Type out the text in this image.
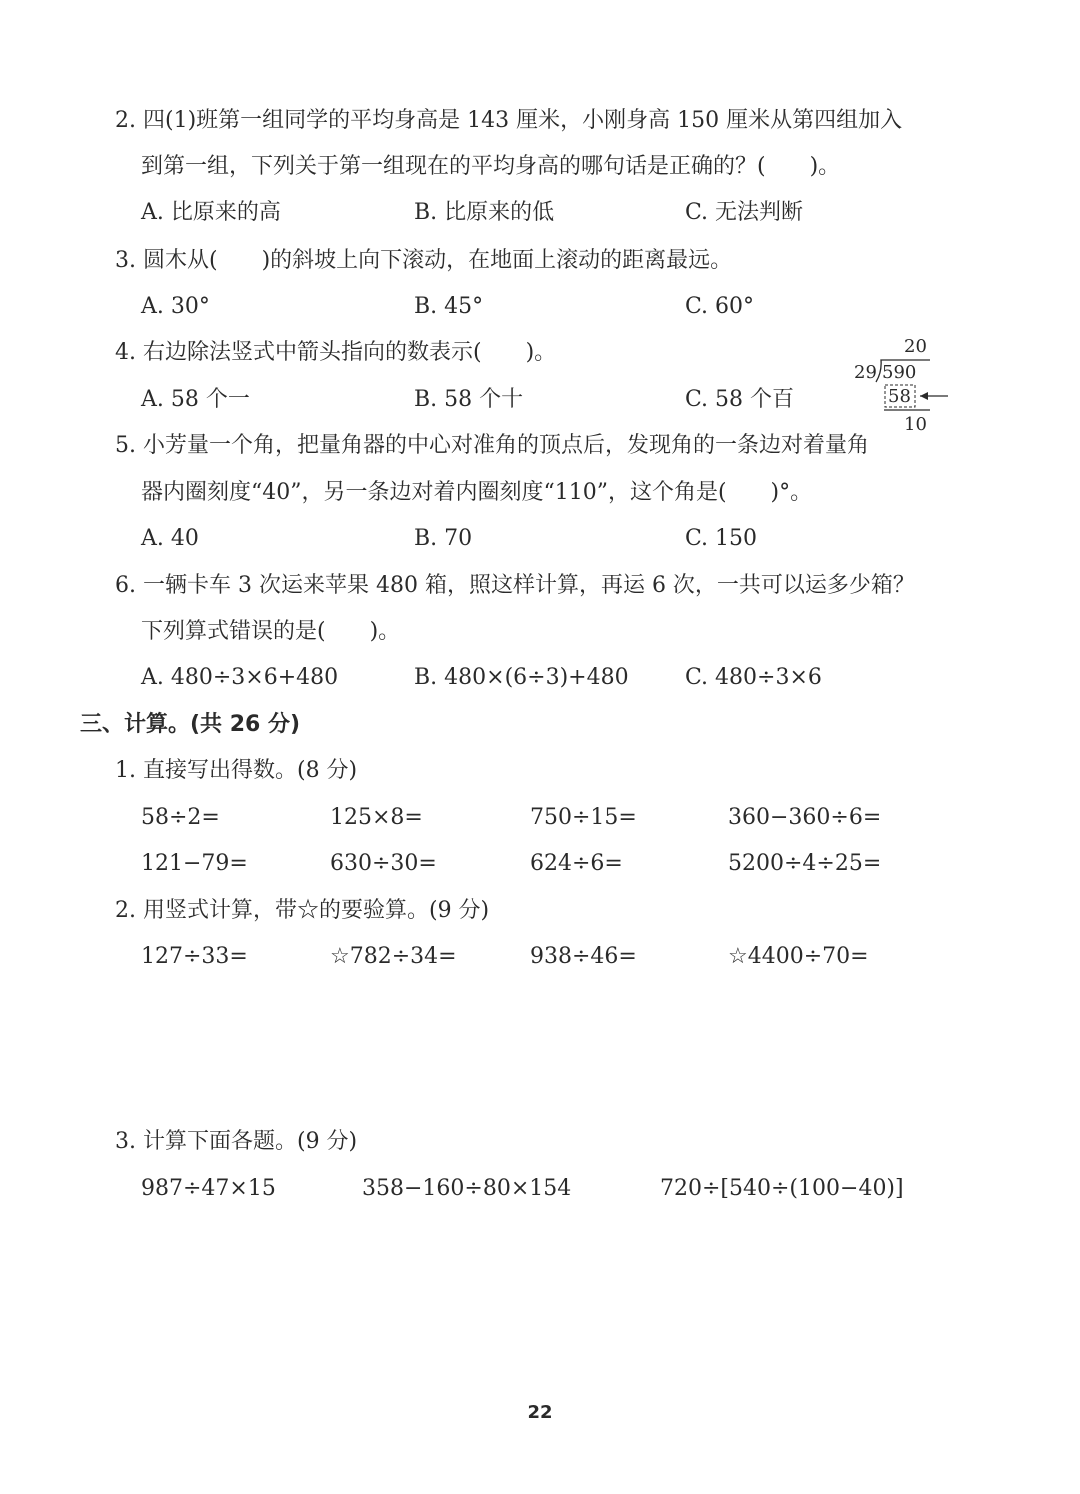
2. 四(1)班第一组同学的平均身高是 143 厘米，小刚身高 150 厘米从第四组加入
到第一组，下列关于第一组现在的平均身高的哪句话是正确的？(　　)。
A. 比原来的高	B. 比原来的低	C. 无法判断
3. 圆木从(　　)的斜坡上向下滚动，在地面上滚动的距离最远。
A. 30°	B. 45°	C. 60°
4. 右边除法竖式中箭头指向的数表示(　　)。
A. 58 个一	B. 58 个十	C. 58 个百
20
29 590
58
10
5. 小芳量一个角，把量角器的中心对准角的顶点后，发现角的一条边对着量角
器内圈刻度“40”，另一条边对着内圈刻度“110”，这个角是(　　)°。
A. 40	B. 70	C. 150
6. 一辆卡车 3 次运来苹果 480 箱，照这样计算，再运 6 次，一共可以运多少箱？
下列算式错误的是(　　)。
A. 480÷3×6+480	B. 480×(6÷3)+480	C. 480÷3×6
三、计算。(共 26 分)
1. 直接写出得数。(8 分)
58÷2=	125×8=	750÷15=	360−360÷6=
121−79=	630÷30=	624÷6=	5200÷4÷25=
2. 用竖式计算，带☆的要验算。(9 分)
127÷33=	☆782÷34=	938÷46=	☆4400÷70=
3. 计算下面各题。(9 分)
987÷47×15	358−160÷80×154	720÷[540÷(100−40)]
22
